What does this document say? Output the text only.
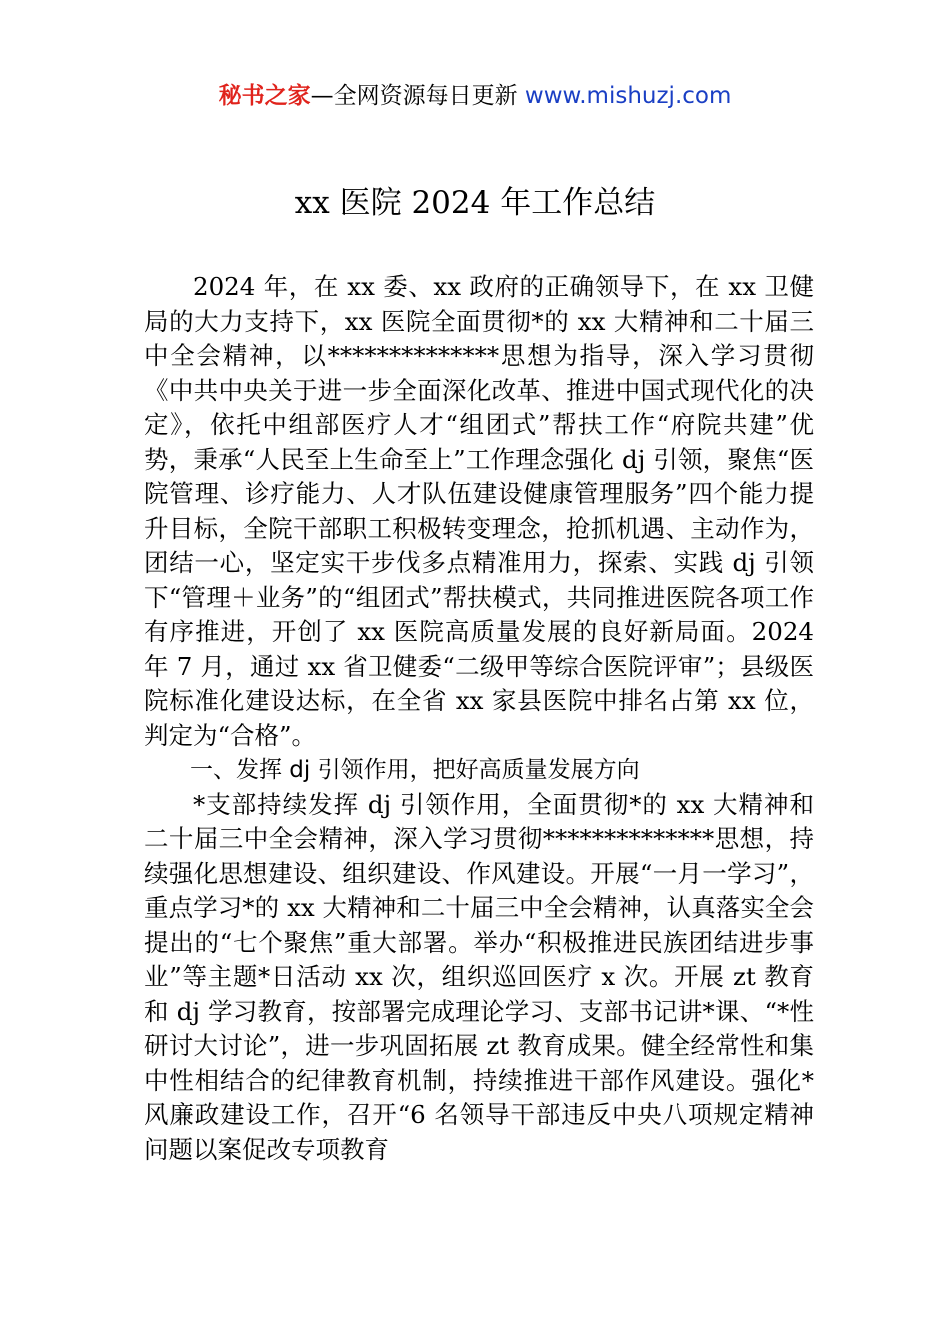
秘书之家—全网资源每日更新 www.mishuzj.com
xx 医院 2024 年工作总结

2024 年，在 xx 委、xx 政府的正确领导下，在 xx 卫健局的大力支持下，xx 医院全面贯彻*的 xx 大精神和二十届三中全会精神，以**************思想为指导，深入学习贯彻《中共中央关于进一步全面深化改革、推进中国式现代化的决定》，依托中组部医疗人才“组团式”帮扶工作“府院共建”优势，秉承“人民至上生命至上”工作理念强化 dj 引领，聚焦“医院管理、诊疗能力、人才队伍建设健康管理服务”四个能力提升目标，全院干部职工积极转变理念，抢抓机遇、主动作为，团结一心，坚定实干步伐多点精准用力，探索、实践 dj 引领下“管理＋业务”的“组团式”帮扶模式，共同推进医院各项工作有序推进，开创了 xx 医院高质量发展的良好新局面。2024 年 7 月，通过 xx 省卫健委“二级甲等综合医院评审”；县级医院标准化建设达标，在全省 xx 家县医院中排名占第 xx 位，判定为“合格”。

一、发挥 dj 引领作用，把好高质量发展方向

*支部持续发挥 dj 引领作用，全面贯彻*的 xx 大精神和二十届三中全会精神，深入学习贯彻**************思想，持续强化思想建设、组织建设、作风建设。开展“一月一学习”，重点学习*的 xx 大精神和二十届三中全会精神，认真落实全会提出的“七个聚焦”重大部署。举办“积极推进民族团结进步事业”等主题*日活动 xx 次，组织巡回医疗 x 次。开展 zt 教育和 dj 学习教育，按部署完成理论学习、支部书记讲*课、“*性研讨大讨论”，进一步巩固拓展 zt 教育成果。健全经常性和集中性相结合的纪律教育机制，持续推进干部作风建设。强化*风廉政建设工作，召开“6 名领导干部违反中央八项规定精神问题以案促改专项教育
